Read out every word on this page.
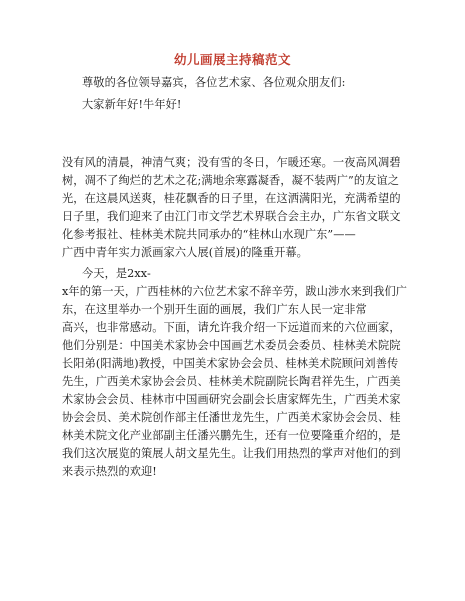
幼儿画展主持稿范文
尊敬的各位领导嘉宾，各位艺术家、各位观众朋友们:
大家新年好!牛年好!
没有风的清晨，神清气爽；没有雪的冬日，乍暖还寒。一夜高风凋碧
树，凋不了绚烂的艺术之花;满地余寒露凝香，凝不装两广”的友谊之
光，在这晨风送爽，桂花飘香的日子里，在这洒满阳光，充满希望的
日子里，我们迎来了由江门市文学艺术界联合会主办，广东省文联文
化参考报社、桂林美术院共同承办的“桂林山水现广东”——
广西中青年实力派画家六人展(首展)的隆重开幕。
今天，是2xx-
x年的第一天，广西桂林的六位艺术家不辞辛劳，跋山涉水来到我们广
东，在这里举办一个别开生面的画展，我们广东人民一定非常
高兴，也非常感动。下面，请允许我介绍一下远道而来的六位画家，
他们分别是：中国美术家协会中国画艺术委员会委员、桂林美术院院
长阳弟(阳满地)教授，中国美术家协会会员、桂林美术院顾问刘善传
先生，广西美术家协会会员、桂林美术院副院长陶君祥先生，广西美
术家协会会员、桂林市中国画研究会副会长唐家辉先生，广西美术家
协会会员、美术院创作部主任潘世龙先生，广西美术家协会会员、桂
林美术院文化产业部副主任潘兴鹏先生，还有一位要隆重介绍的，是
我们这次展览的策展人胡文星先生。让我们用热烈的掌声对他们的到
来表示热烈的欢迎!
